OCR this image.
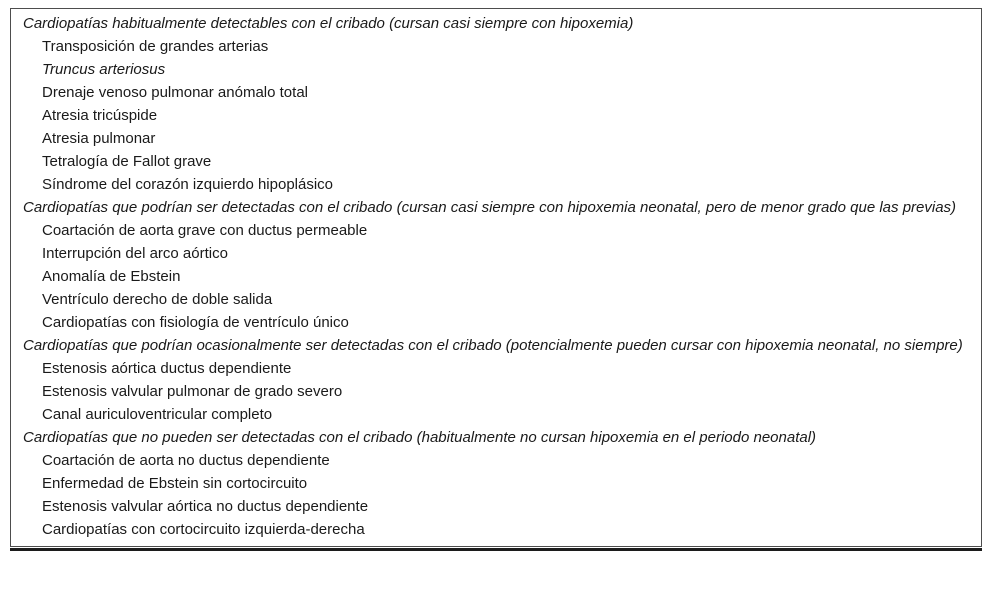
Cardiopatías habitualmente detectables con el cribado (cursan casi siempre con hipoxemia)
Transposición de grandes arterias
Truncus arteriosus
Drenaje venoso pulmonar anómalo total
Atresia tricúspide
Atresia pulmonar
Tetralogía de Fallot grave
Síndrome del corazón izquierdo hipoplásico
Cardiopatías que podrían ser detectadas con el cribado (cursan casi siempre con hipoxemia neonatal, pero de menor grado que las previas)
Coartación de aorta grave con ductus permeable
Interrupción del arco aórtico
Anomalía de Ebstein
Ventrículo derecho de doble salida
Cardiopatías con fisiología de ventrículo único
Cardiopatías que podrían ocasionalmente ser detectadas con el cribado (potencialmente pueden cursar con hipoxemia neonatal, no siempre)
Estenosis aórtica ductus dependiente
Estenosis valvular pulmonar de grado severo
Canal auriculoventricular completo
Cardiopatías que no pueden ser detectadas con el cribado (habitualmente no cursan hipoxemia en el periodo neonatal)
Coartación de aorta no ductus dependiente
Enfermedad de Ebstein sin cortocircuito
Estenosis valvular aórtica no ductus dependiente
Cardiopatías con cortocircuito izquierda-derecha
